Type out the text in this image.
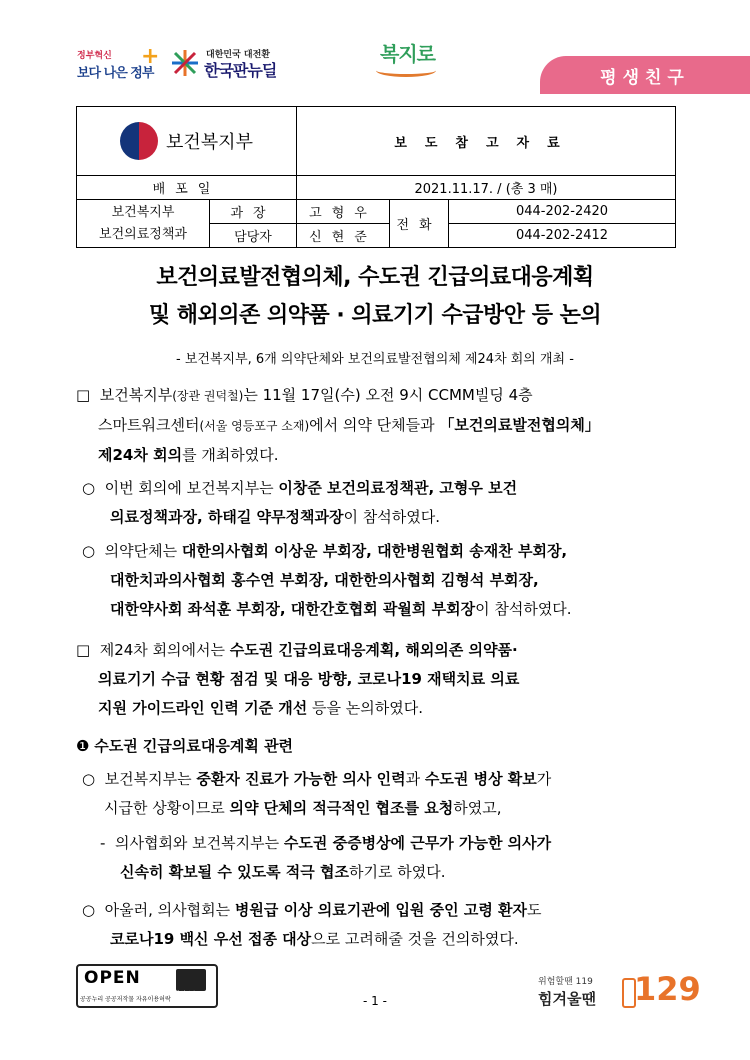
정부혁신
보다 나은 정부
+	대한민국 대전환
한국판뉴딜
복지로
평생친구
보건복지부		보도참고자료		
배포일		2021.11.17. / (총 3 매)		

보건복지부
보건의료정책과	과장	고형우	전화	044-202-2420
	담당자	신현준		044-202-2412
보건의료발전협의체, 수도권 긴급의료대응계획
및 해외의존 의약품 · 의료기기 수급방안 등 논의
- 보건복지부, 6개 의약단체와 보건의료발전협의체 제24차 회의 개최 -
□ 보건복지부(장관 권덕철)는 11월 17일(수) 오전 9시 CCMM빌딩 4층
스마트워크센터(서울 영등포구 소재)에서 의약 단체들과 「보건의료발전협의체」
제24차 회의를 개최하였다.
○ 이번 회의에 보건복지부는 이창준 보건의료정책관, 고형우 보건
의료정책과장, 하태길 약무정책과장이 참석하였다.
○ 의약단체는 대한의사협회 이상운 부회장, 대한병원협회 송재찬 부회장,
대한치과의사협회 홍수연 부회장, 대한한의사협회 김형석 부회장,
대한약사회 좌석훈 부회장, 대한간호협회 곽월희 부회장이 참석하였다.
□ 제24차 회의에서는 수도권 긴급의료대응계획, 해외의존 의약품·
의료기기 수급 현황 점검 및 대응 방향, 코로나19 재택치료 의료
지원 가이드라인 인력 기준 개선 등을 논의하였다.
❶ 수도권 긴급의료대응계획 관련
○ 보건복지부는 중환자 진료가 가능한 의사 인력과 수도권 병상 확보가
시급한 상황이므로 의약 단체의 적극적인 협조를 요청하였고,
- 의사협회와 보건복지부는 수도권 중증병상에 근무가 가능한 의사가
신속히 확보될 수 있도록 적극 협조하기로 하였다.
○ 아울러, 의사협회는 병원급 이상 의료기관에 입원 중인 고령 환자도
코로나19 백신 우선 접종 대상으로 고려해줄 것을 건의하였다.
OPEN
출처표시
공공누리 공공저작물 자유이용허락	- 1 -
위험할땐 119
힘겨울땐 129
